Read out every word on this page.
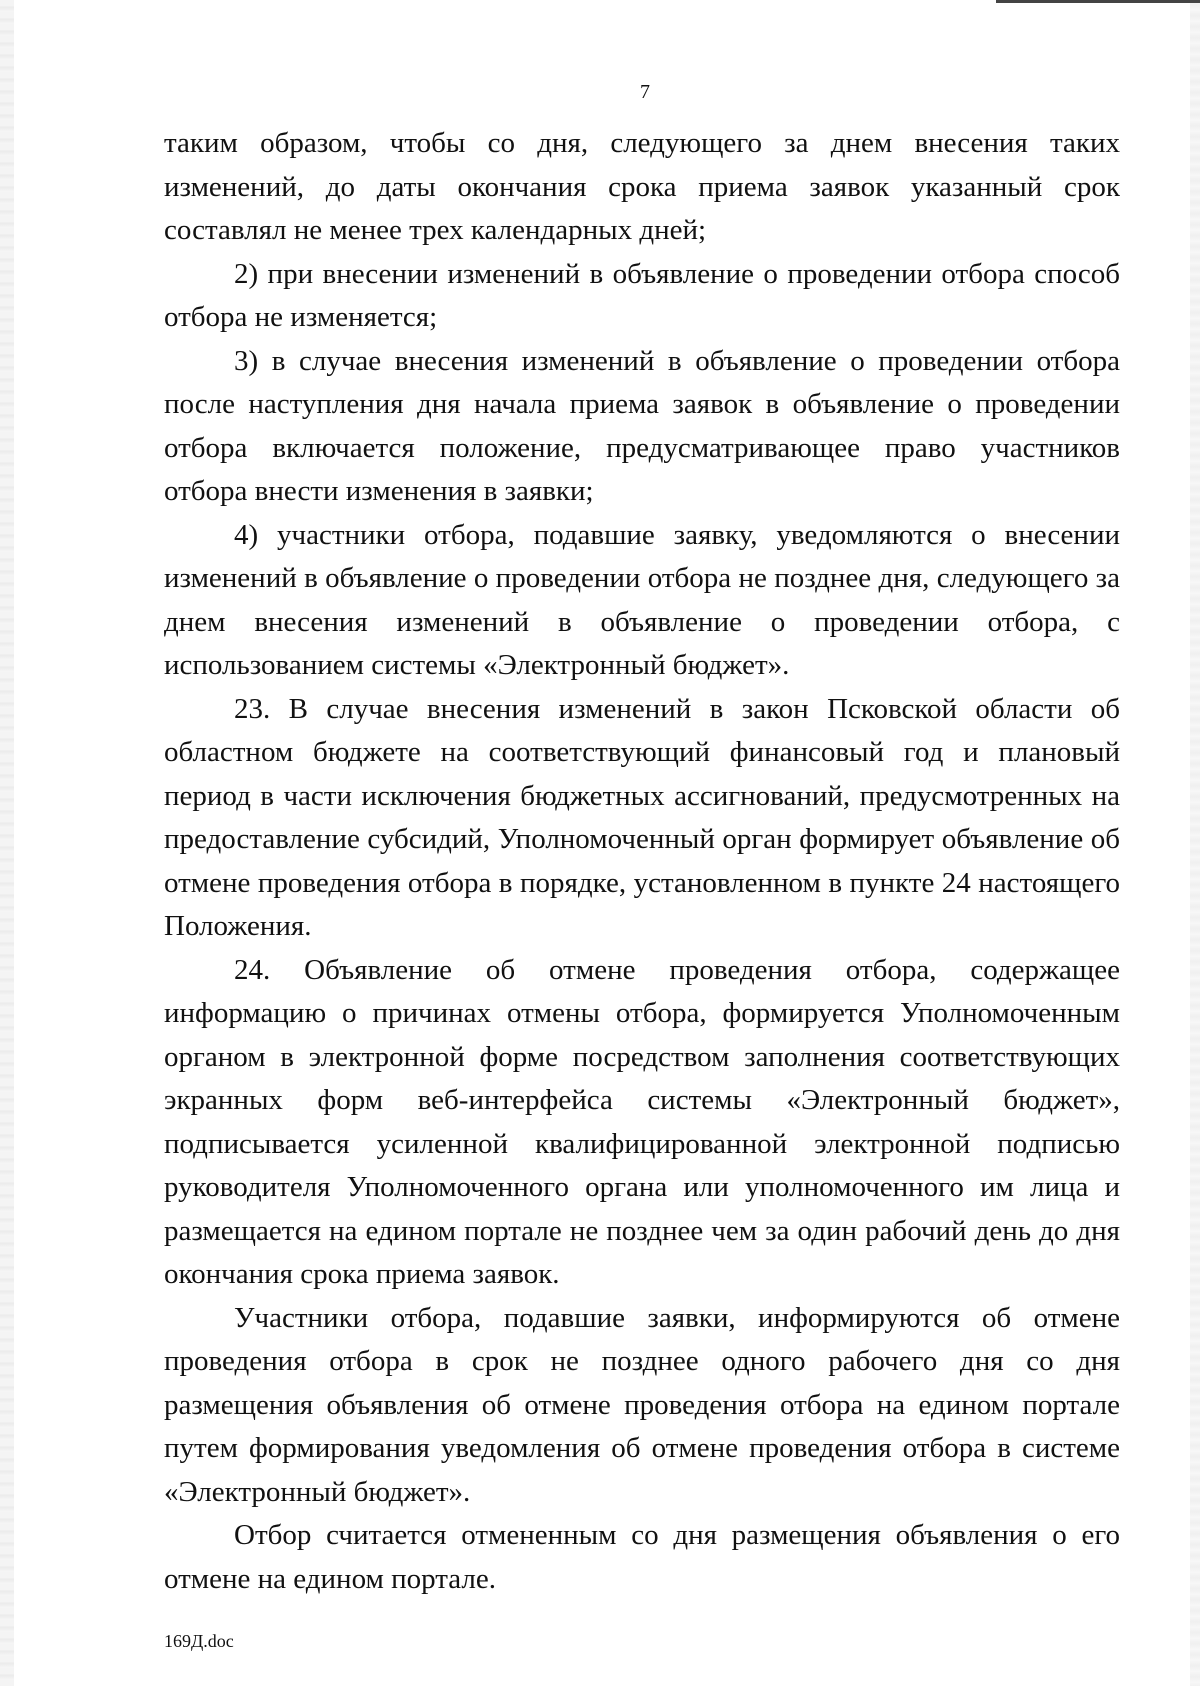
7

таким образом, чтобы со дня, следующего за днем внесения таких изменений, до даты окончания срока приема заявок указанный срок составлял не менее трех календарных дней;

2) при внесении изменений в объявление о проведении отбора способ отбора не изменяется;

3) в случае внесения изменений в объявление о проведении отбора после наступления дня начала приема заявок в объявление о проведении отбора включается положение, предусматривающее право участников отбора внести изменения в заявки;

4) участники отбора, подавшие заявку, уведомляются о внесении изменений в объявление о проведении отбора не позднее дня, следующего за днем внесения изменений в объявление о проведении отбора, с использованием системы «Электронный бюджет».

23. В случае внесения изменений в закон Псковской области об областном бюджете на соответствующий финансовый год и плановый период в части исключения бюджетных ассигнований, предусмотренных на предоставление субсидий, Уполномоченный орган формирует объявление об отмене проведения отбора в порядке, установленном в пункте 24 настоящего Положения.

24. Объявление об отмене проведения отбора, содержащее информацию о причинах отмены отбора, формируется Уполномоченным органом в электронной форме посредством заполнения соответствующих экранных форм веб-интерфейса системы «Электронный бюджет», подписывается усиленной квалифицированной электронной подписью руководителя Уполномоченного органа или уполномоченного им лица и размещается на едином портале не позднее чем за один рабочий день до дня окончания срока приема заявок.

Участники отбора, подавшие заявки, информируются об отмене проведения отбора в срок не позднее одного рабочего дня со дня размещения объявления об отмене проведения отбора на едином портале путем формирования уведомления об отмене проведения отбора в системе «Электронный бюджет».

Отбор считается отмененным со дня размещения объявления о его отмене на едином портале.

169Д.doc
